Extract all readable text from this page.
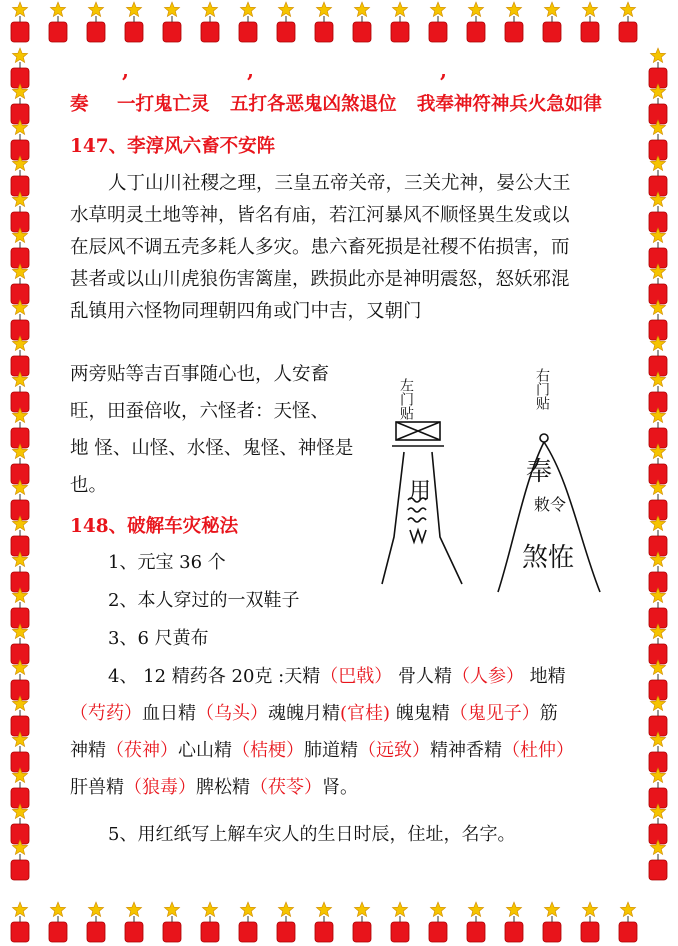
,	,	,
奏 一打鬼亡灵 五打各恶鬼凶煞退位 我奉神符神兵火急如律
147、李淳风六畜不安阵

人丁山川社稷之理，三皇五帝关帝，三关尤神，晏公大王

水草明灵土地等神，皆名有庙，若江河暴风不顺怪異生发或以

在辰风不调五壳多耗人多灾。患六畜死损是社稷不佑损害，而

甚者或以山川虎狼伤害篱崖，跌损此亦是神明震怒，怒妖邪混

乱镇用六怪物同理朝四角或门中吉，又朝门

两旁贴等吉百事随心也，人安畜

旺，田蚕倍收，六怪者：天怪、

地 怪、山怪、水怪、鬼怪、神怪是

也。

左门贴
用
右门贴
奉
敕令
煞恠
148、破解车灾秘法
1、元宝 36 个
2、本人穿过的一双鞋子
3、6 尺黄布
4、 12 精药各 20克 :天精（巴戟） 骨人精（人参） 地精
（芍药）血日精（乌头）魂魄月精(官桂) 魄鬼精（鬼见子）筋
神精（茯神）心山精（桔梗）肺道精（远致）精神香精（杜仲）
肝兽精（狼毒）脾松精（茯苓）肾。
5、用红纸写上解车灾人的生日时辰，住址，名字。
